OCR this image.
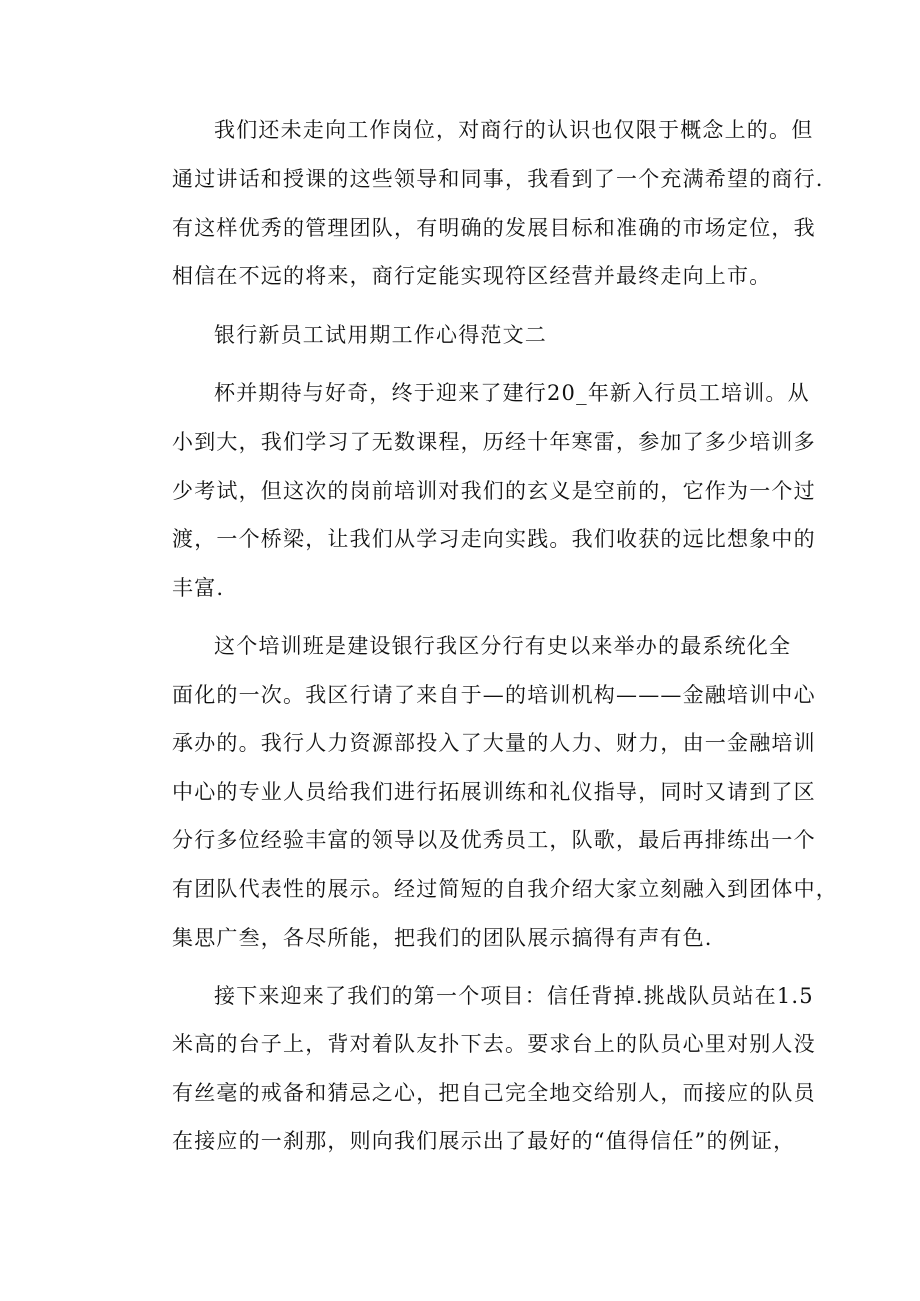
我们还未走向工作岗位，对商行的认识也仅限于概念上的。但
通过讲话和授课的这些领导和同事，我看到了一个充满希望的商行.
有这样优秀的管理团队，有明确的发展目标和准确的市场定位，我
相信在不远的将来，商行定能实现符区经营并最终走向上市。
银行新员工试用期工作心得范文二
杯并期待与好奇，终于迎来了建行20_年新入行员工培训。从
小到大，我们学习了无数课程，历经十年寒雷，参加了多少培训多
少考试，但这次的岗前培训对我们的玄义是空前的，它作为一个过
渡，一个桥梁，让我们从学习走向实践。我们收获的远比想象中的
丰富.
这个培训班是建设银行我区分行有史以来举办的最系统化全
面化的一次。我区行请了来自于—的培训机构———金融培训中心
承办的。我行人力资源部投入了大量的人力、财力，由一金融培训
中心的专业人员给我们进行拓展训练和礼仪指导，同时又请到了区
分行多位经验丰富的领导以及优秀员工，队歌，最后再排练出一个
有团队代表性的展示。经过简短的自我介绍大家立刻融入到团体中，
集思广叁，各尽所能，把我们的团队展示搞得有声有色.
接下来迎来了我们的第一个项目：信任背掉.挑战队员站在1.5
米高的台子上，背对着队友扑下去。要求台上的队员心里对别人没
有丝毫的戒备和猜忌之心，把自己完全地交给别人，而接应的队员
在接应的一刹那，则向我们展示出了最好的“值得信任”的例证，
